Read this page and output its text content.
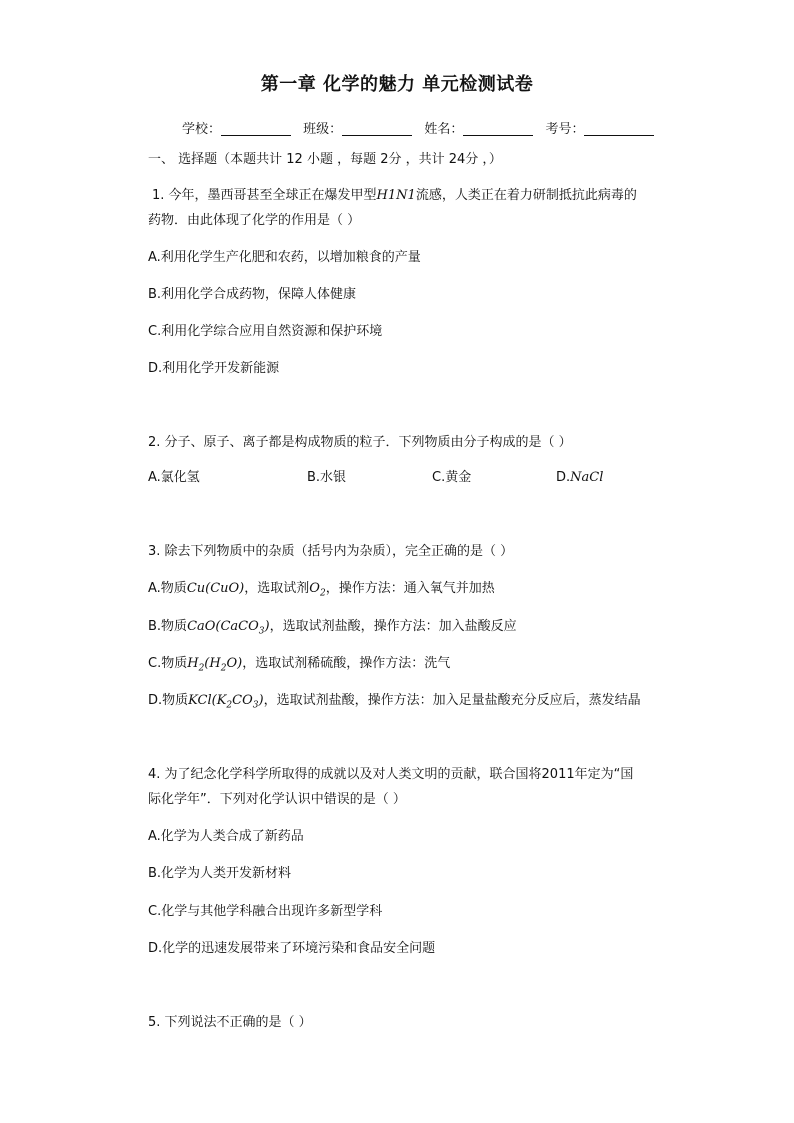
第一章 化学的魅力 单元检测试卷
学校：	班级：	姓名：	考号：
一、 选择题（本题共计 12 小题 ，每题 2分 ，共计 24分 ，）
1. 今年，墨西哥甚至全球正在爆发甲型H1N1流感，人类正在着力研制抵抗此病毒的
药物．由此体现了化学的作用是（ ）
A.利用化学生产化肥和农药，以增加粮食的产量
B.利用化学合成药物，保障人体健康
C.利用化学综合应用自然资源和保护环境
D.利用化学开发新能源
2. 分子、原子、离子都是构成物质的粒子．下列物质由分子构成的是（ ）
A.氯化氢	B.水银	C.黄金	D.NaCl
3. 除去下列物质中的杂质（括号内为杂质），完全正确的是（ ）
A.物质Cu(CuO)，选取试剂$O_2$，操作方法：通入氧气并加热
B.物质CaO(CaCO$_3$)，选取试剂盐酸，操作方法：加入盐酸反应
C.物质$H_2(H_2O)$，选取试剂稀硫酸，操作方法：洗气
D.物质$KCl(K_2CO_3)$，选取试剂盐酸，操作方法：加入足量盐酸充分反应后，蒸发结晶
4. 为了纪念化学科学所取得的成就以及对人类文明的贡献，联合国将2011年定为“国
际化学年”．下列对化学认识中错误的是（ ）
A.化学为人类合成了新药品
B.化学为人类开发新材料
C.化学与其他学科融合出现许多新型学科
D.化学的迅速发展带来了环境污染和食品安全问题
5. 下列说法不正确的是（ ）
